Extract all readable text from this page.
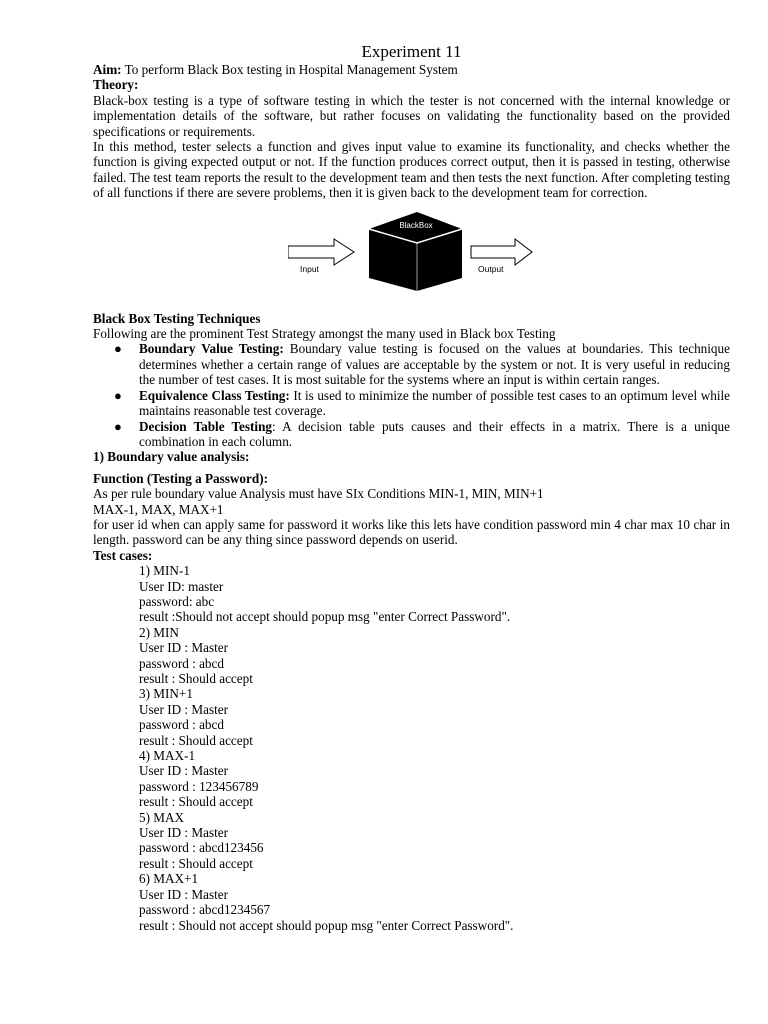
Experiment 11

Aim: To perform Black Box testing in Hospital Management System

Theory:

Black-box testing is a type of software testing in which the tester is not concerned with the internal knowledge or implementation details of the software, but rather focuses on validating the functionality based on the provided specifications or requirements.

In this method, tester selects a function and gives input value to examine its functionality, and checks whether the function is giving expected output or not. If the function produces correct output, then it is passed in testing, otherwise failed. The test team reports the result to the development team and then tests the next function. After completing testing of all functions if there are severe problems, then it is given back to the development team for correction.

Input
BlackBox
Output

Black Box Testing Techniques

Following are the prominent Test Strategy amongst the many used in Black box Testing

● Boundary Value Testing: Boundary value testing is focused on the values at boundaries. This technique determines whether a certain range of values are acceptable by the system or not. It is very useful in reducing the number of test cases. It is most suitable for the systems where an input is within certain ranges.
● Equivalence Class Testing: It is used to minimize the number of possible test cases to an optimum level while maintains reasonable test coverage.
● Decision Table Testing: A decision table puts causes and their effects in a matrix. There is a unique combination in each column.

1) Boundary value analysis:

Function (Testing a Password):

As per rule boundary value Analysis must have SIx Conditions MIN-1, MIN, MIN+1

MAX-1, MAX, MAX+1

for user id when can apply same for password it works like this lets have condition password min 4 char max 10 char in length. password can be any thing since password depends on userid.

Test cases:

1) MIN-1

User ID: master

password: abc

result :Should not accept should popup msg "enter Correct Password".

2) MIN

User ID : Master

password : abcd

result : Should accept

3) MIN+1

User ID : Master

password : abcd

result : Should accept

4) MAX-1

User ID : Master

password : 123456789

result : Should accept

5) MAX

User ID : Master

password : abcd123456

result : Should accept

6) MAX+1

User ID : Master

password : abcd1234567

result : Should not accept should popup msg "enter Correct Password".
